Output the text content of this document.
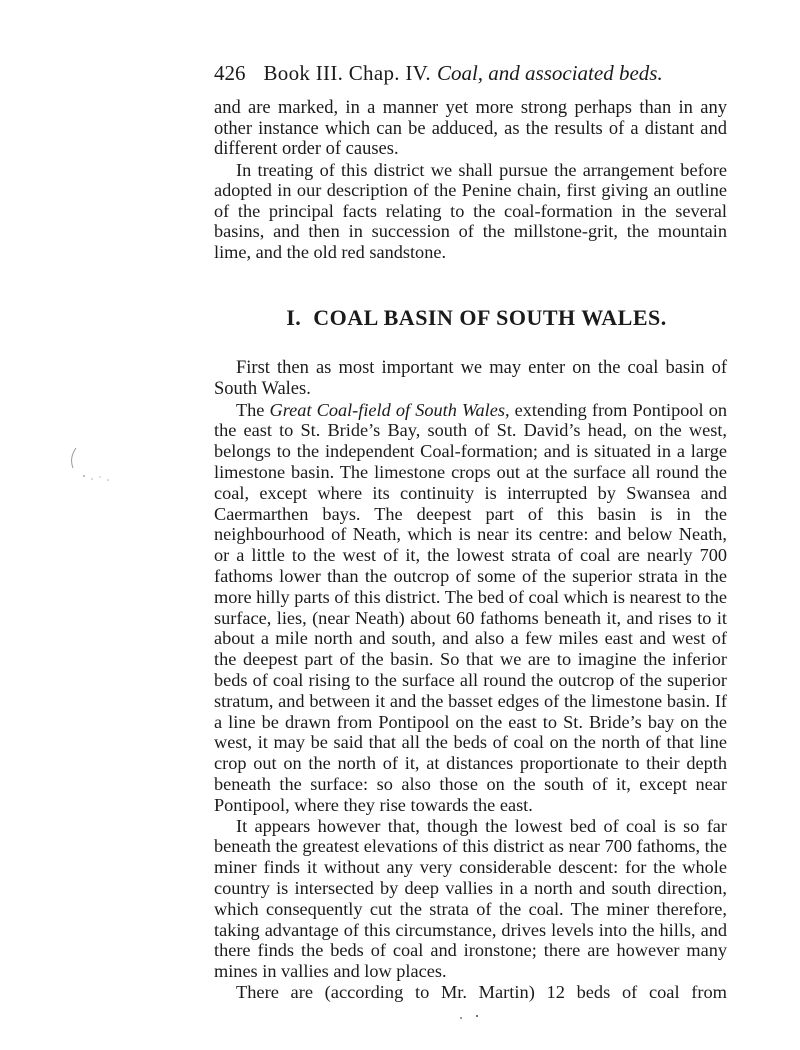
426 Book III. Chap. IV. Coal, and associated beds.

and are marked, in a manner yet more strong perhaps than in any other instance which can be adduced, as the results of a distant and different order of causes.

In treating of this district we shall pursue the arrangement before adopted in our description of the Penine chain, first giving an outline of the principal facts relating to the coal-formation in the several basins, and then in succession of the millstone-grit, the mountain lime, and the old red sandstone.

I. COAL BASIN OF SOUTH WALES.

First then as most important we may enter on the coal basin of South Wales.

The Great Coal-field of South Wales, extending from Pontipool on the east to St. Bride’s Bay, south of St. David’s head, on the west, belongs to the independent Coal-formation; and is situated in a large limestone basin. The limestone crops out at the surface all round the coal, except where its continuity is interrupted by Swansea and Caermarthen bays. The deepest part of this basin is in the neighbourhood of Neath, which is near its centre: and below Neath, or a little to the west of it, the lowest strata of coal are nearly 700 fathoms lower than the outcrop of some of the superior strata in the more hilly parts of this district. The bed of coal which is nearest to the surface, lies, (near Neath) about 60 fathoms beneath it, and rises to it about a mile north and south, and also a few miles east and west of the deepest part of the basin. So that we are to imagine the inferior beds of coal rising to the surface all round the outcrop of the superior stratum, and between it and the basset edges of the limestone basin. If a line be drawn from Pontipool on the east to St. Bride’s bay on the west, it may be said that all the beds of coal on the north of that line crop out on the north of it, at distances proportionate to their depth beneath the surface: so also those on the south of it, except near Pontipool, where they rise towards the east.

It appears however that, though the lowest bed of coal is so far beneath the greatest elevations of this district as near 700 fathoms, the miner finds it without any very considerable descent: for the whole country is intersected by deep vallies in a north and south direction, which consequently cut the strata of the coal. The miner therefore, taking advantage of this circumstance, drives levels into the hills, and there finds the beds of coal and ironstone; there are however many mines in vallies and low places.

There are (according to Mr. Martin) 12 beds of coal from
